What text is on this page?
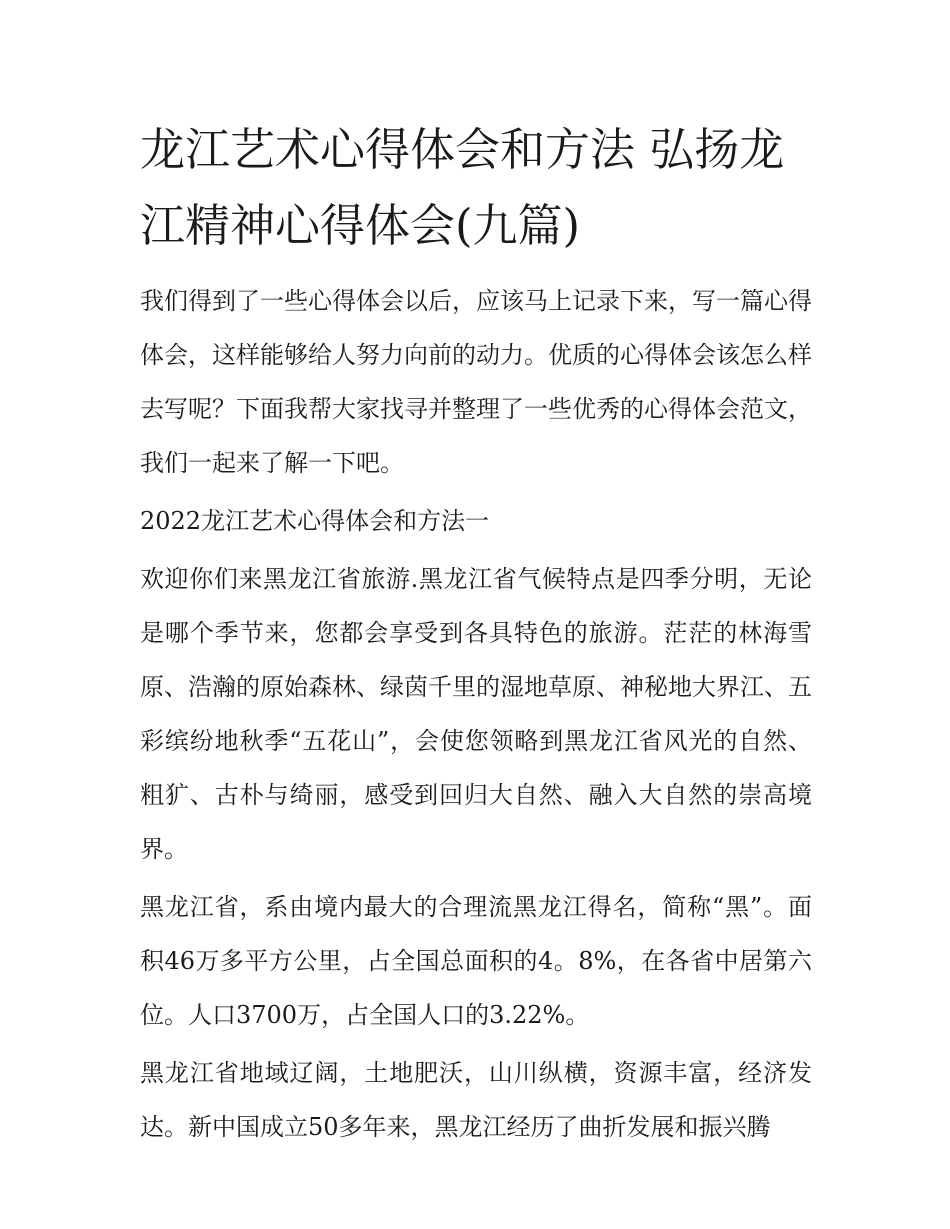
龙江艺术心得体会和方法 弘扬龙江精神心得体会(九篇)

我们得到了一些心得体会以后，应该马上记录下来，写一篇心得体会，这样能够给人努力向前的动力。优质的心得体会该怎么样去写呢？下面我帮大家找寻并整理了一些优秀的心得体会范文，我们一起来了解一下吧。

2022龙江艺术心得体会和方法一

欢迎你们来黑龙江省旅游.黑龙江省气候特点是四季分明，无论是哪个季节来，您都会享受到各具特色的旅游。茫茫的林海雪原、浩瀚的原始森林、绿茵千里的湿地草原、神秘地大界江、五彩缤纷地秋季“五花山”，会使您领略到黑龙江省风光的自然、粗犷、古朴与绮丽，感受到回归大自然、融入大自然的崇高境界。

黑龙江省，系由境内最大的合理流黑龙江得名，简称“黑”。面积46万多平方公里，占全国总面积的4。8%，在各省中居第六位。人口3700万，占全国人口的3.22%。

黑龙江省地域辽阔，土地肥沃，山川纵横，资源丰富，经济发达。新中国成立50多年来，黑龙江经历了曲折发展和振兴腾
